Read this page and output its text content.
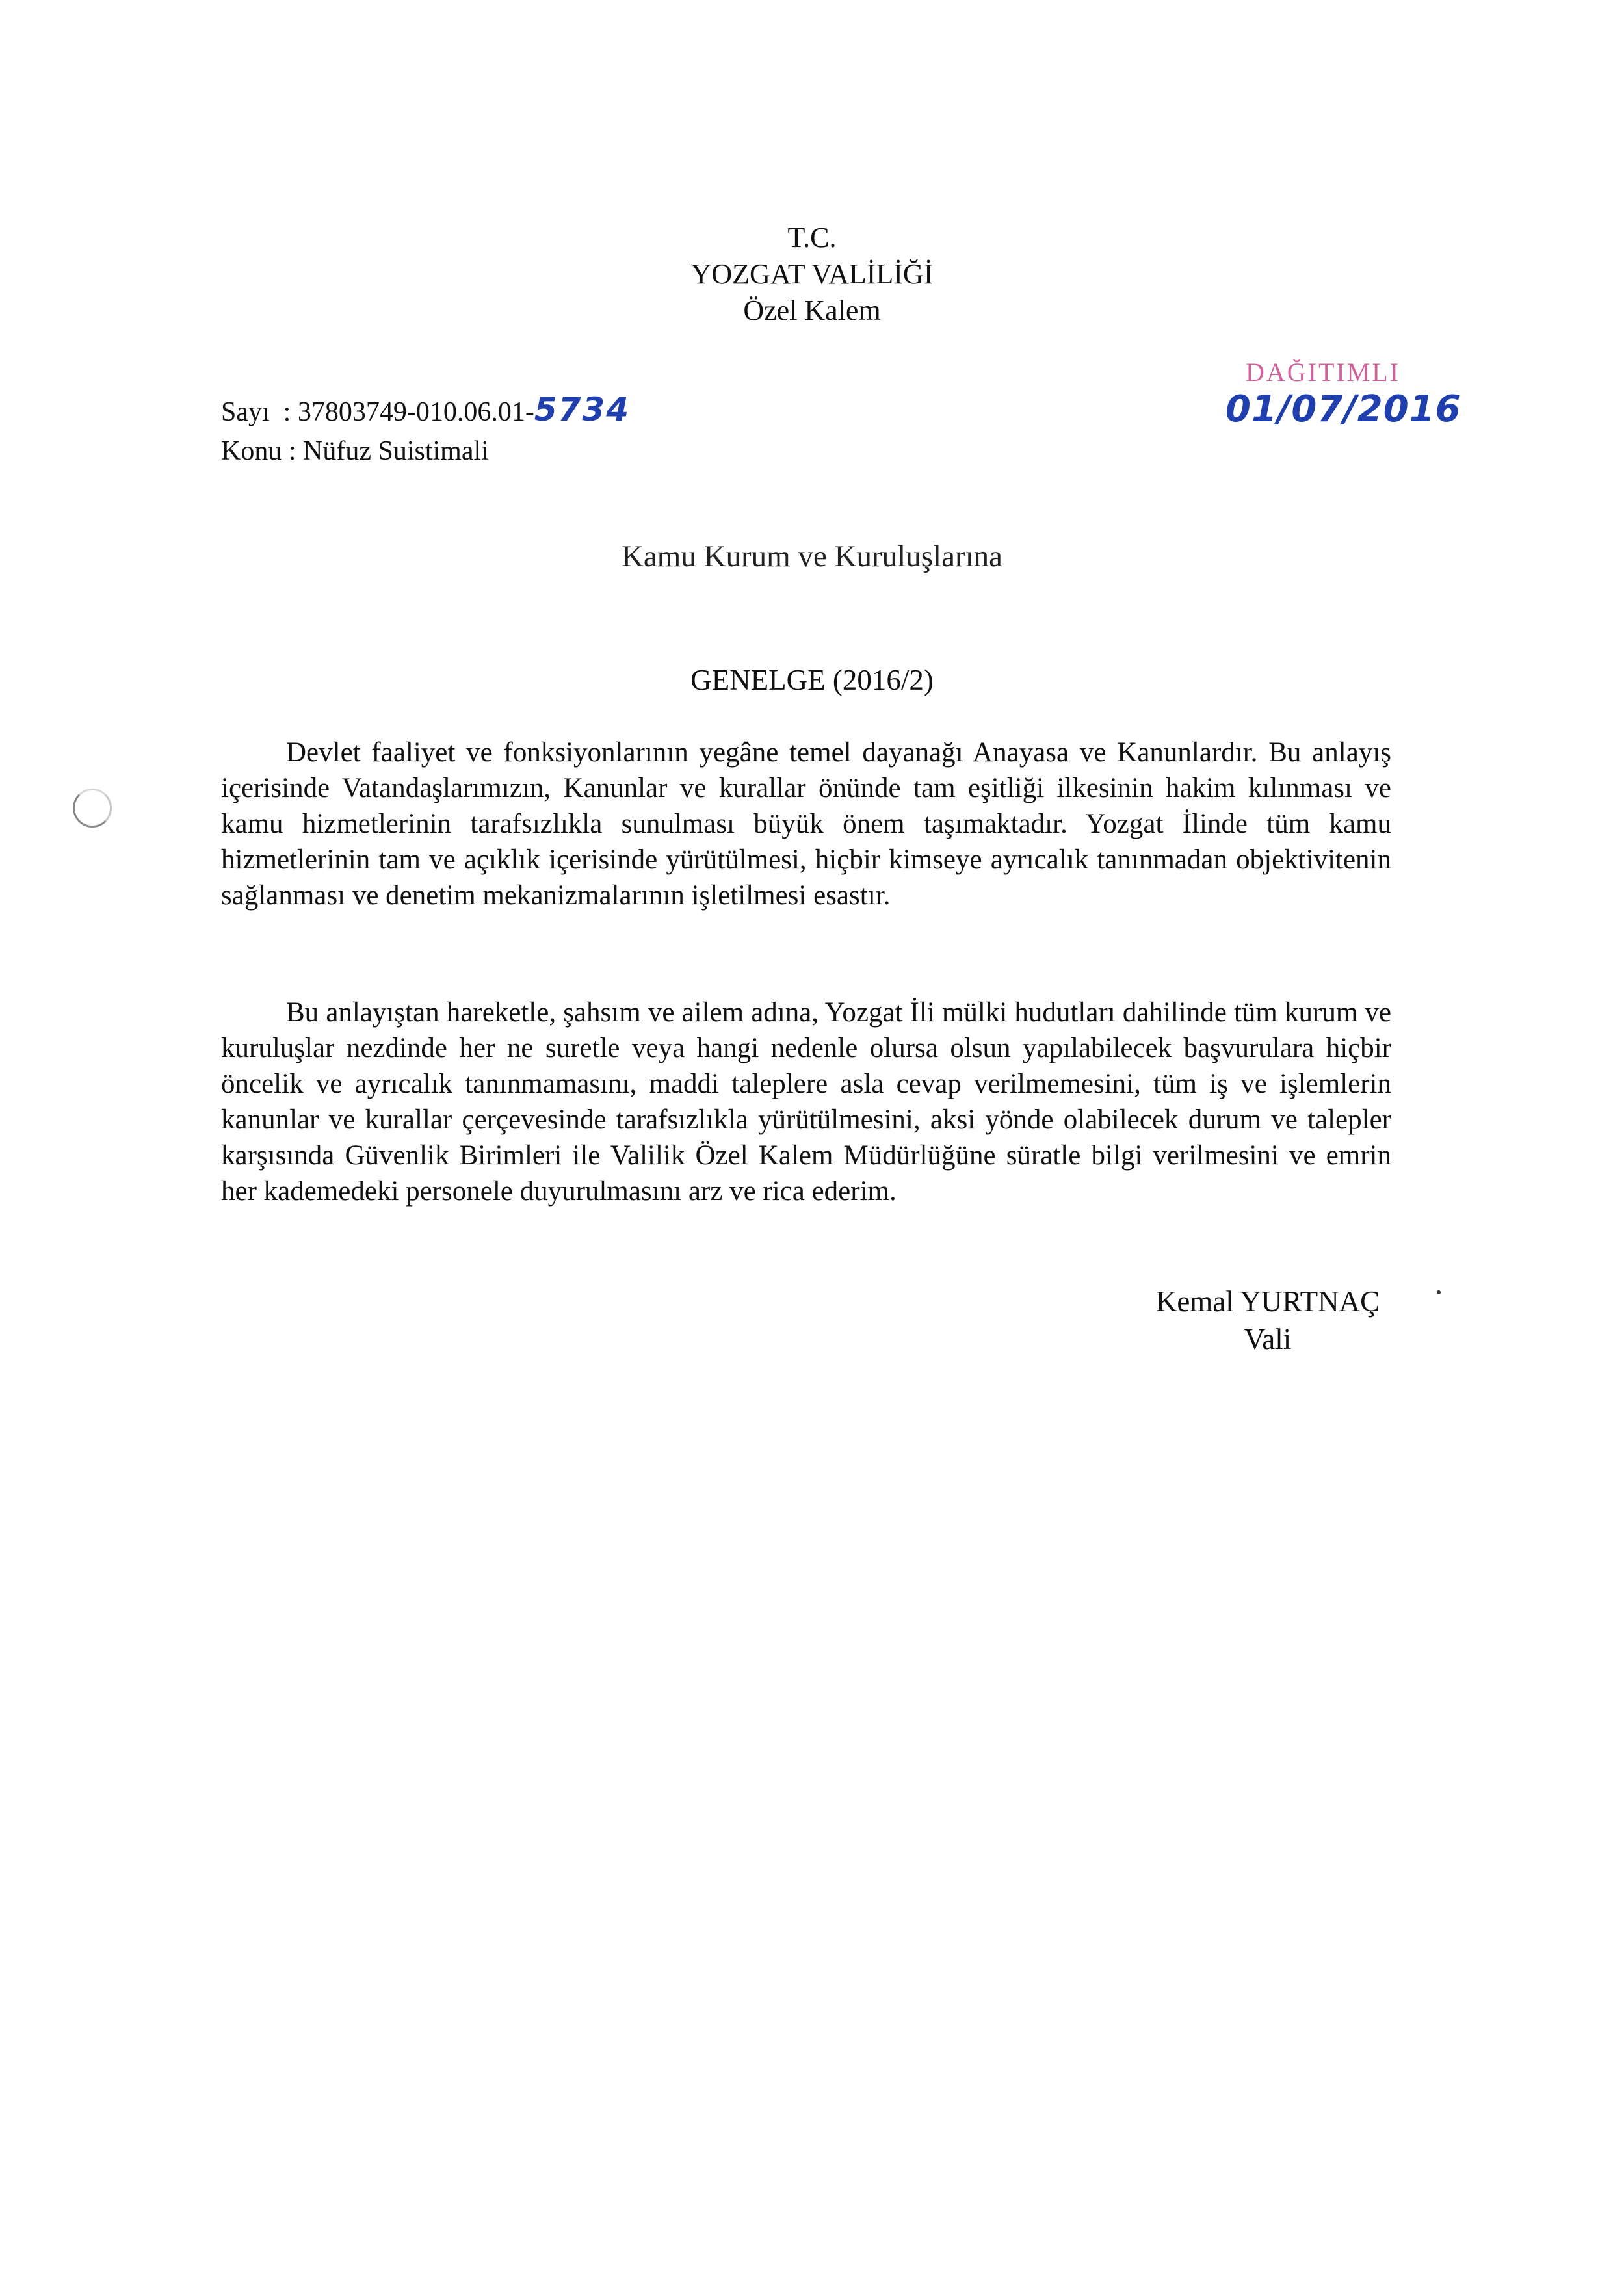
T.C.
YOZGAT VALİLİĞİ
Özel Kalem
Sayı : 37803749-010.06.01-5734
Konu : Nüfuz Suistimali
DAĞITIMLI
01/07/2016
Kamu Kurum ve Kuruluşlarına
GENELGE (2016/2)

Devlet faaliyet ve fonksiyonlarının yegâne temel dayanağı Anayasa ve Kanunlardır. Bu anlayış içerisinde Vatandaşlarımızın, Kanunlar ve kurallar önünde tam eşitliği ilkesinin hakim kılınması ve kamu hizmetlerinin tarafsızlıkla sunulması büyük önem taşımaktadır. Yozgat İlinde tüm kamu hizmetlerinin tam ve açıklık içerisinde yürütülmesi, hiçbir kimseye ayrıcalık tanınmadan objektivitenin sağlanması ve denetim mekanizmalarının işletilmesi esastır.

Bu anlayıştan hareketle, şahsım ve ailem adına, Yozgat İli mülki hudutları dahilinde tüm kurum ve kuruluşlar nezdinde her ne suretle veya hangi nedenle olursa olsun yapılabilecek başvurulara hiçbir öncelik ve ayrıcalık tanınmamasını, maddi taleplere asla cevap verilmemesini, tüm iş ve işlemlerin kanunlar ve kurallar çerçevesinde tarafsızlıkla yürütülmesini, aksi yönde olabilecek durum ve talepler karşısında Güvenlik Birimleri ile Valilik Özel Kalem Müdürlüğüne süratle bilgi verilmesini ve emrin her kademedeki personele duyurulmasını arz ve rica ederim.

Kemal YURTNAÇ
Vali
